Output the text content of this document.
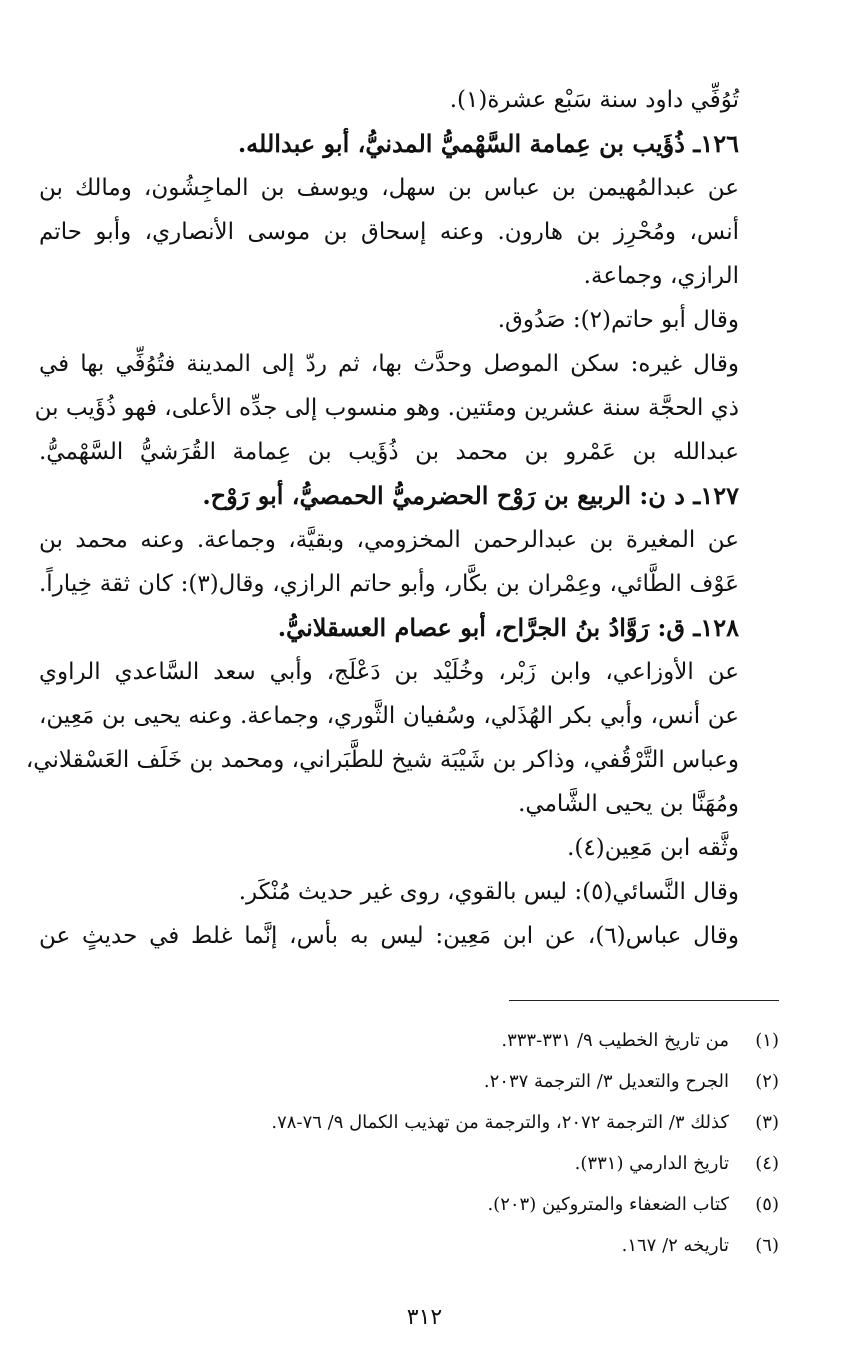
تُوُفِّي داود سنة سَبْع عشرة(١).
١٢٦ـ ذُؤَيب بن عِمامة السَّهْميُّ المدنيُّ، أبو عبدالله.
عن عبدالمُهيمن بن عباس بن سهل، ويوسف بن الماجِشُون، ومالك بن
أنس، ومُحْرِز بن هارون. وعنه إسحاق بن موسى الأنصاري، وأبو حاتم
الرازي، وجماعة.
وقال أبو حاتم(٢): صَدُوق.
وقال غيره: سكن الموصل وحدَّث بها، ثم ردّ إلى المدينة فتُوُفِّي بها في
ذي الحجَّة سنة عشرين ومئتين. وهو منسوب إلى جدِّه الأعلى، فهو ذُؤَيب بن
عبدالله بن عَمْرو بن محمد بن ذُؤَيب بن عِمامة القُرَشيُّ السَّهْميُّ.
١٢٧ـ د ن: الربيع بن رَوْح الحضرميُّ الحمصيُّ، أبو رَوْح.
عن المغيرة بن عبدالرحمن المخزومي، وبقيَّة، وجماعة. وعنه محمد بن
عَوْف الطَّائي، وعِمْران بن بكَّار، وأبو حاتم الرازي، وقال(٣): كان ثقة خِياراً.
١٢٨ـ ق: رَوَّادُ بنُ الجرَّاح، أبو عصام العسقلانيُّ.
عن الأوزاعي، وابن زَبْر، وخُلَيْد بن دَعْلَج، وأبي سعد السَّاعدي الراوي
عن أنس، وأبي بكر الهُذَلي، وسُفيان الثَّوري، وجماعة. وعنه يحيى بن مَعِين،
وعباس التَّرْقُفي، وذاكر بن شَيْبَة شيخ للطَّبَراني، ومحمد بن خَلَف العَسْقلاني،
ومُهَنَّا بن يحيى الشَّامي.
وثَّقه ابن مَعِين(٤).
وقال النَّسائي(٥): ليس بالقوي، روى غير حديث مُنْكَر.
وقال عباس(٦)، عن ابن مَعِين: ليس به بأس، إنَّما غلط في حديثٍ عن
(١)
من تاريخ الخطيب ٩/ ٣٣١-٣٣٣.
(٢)
الجرح والتعديل ٣/ الترجمة ٢٠٣٧.
(٣)
كذلك ٣/ الترجمة ٢٠٧٢، والترجمة من تهذيب الكمال ٩/ ٧٦-٧٨.
(٤)
تاريخ الدارمي (٣٣١).
(٥)
كتاب الضعفاء والمتروكين (٢٠٣).
(٦)
تاريخه ٢/ ١٦٧.
٣١٢
